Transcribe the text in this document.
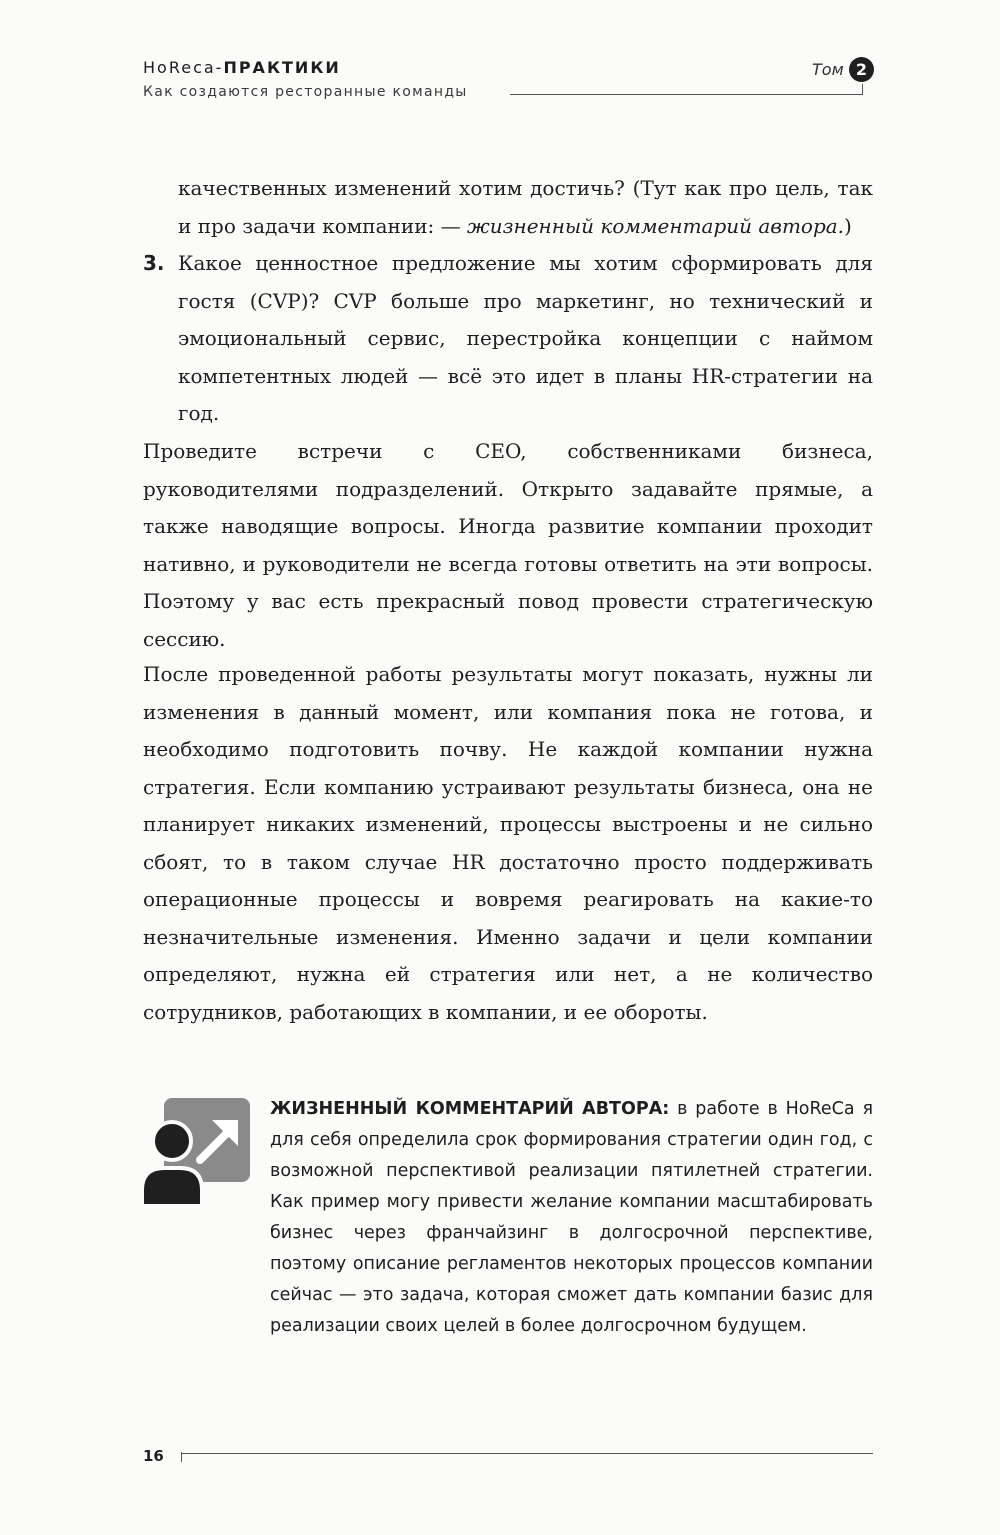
HoReca-ПРАКТИКИ
Как создаются ресторанные команды
Том 2
качественных изменений хотим достичь? (Тут как про цель, так и про задачи компании: — жизненный комментарий автора.)
3. Какое ценностное предложение мы хотим сформировать для гостя (CVP)? CVP больше про маркетинг, но технический и эмоциональный сервис, перестройка концепции с наймом компетентных людей — всё это идет в планы HR-стратегии на год.
Проведите встречи с CEO, собственниками бизнеса, руководителями подразделений. Открыто задавайте прямые, а также наводящие вопросы. Иногда развитие компании проходит нативно, и руководители не всегда готовы ответить на эти вопросы. Поэтому у вас есть прекрасный повод провести стратегическую сессию.
После проведенной работы результаты могут показать, нужны ли изменения в данный момент, или компания пока не готова, и необходимо подготовить почву. Не каждой компании нужна стратегия. Если компанию устраивают результаты бизнеса, она не планирует никаких изменений, процессы выстроены и не сильно сбоят, то в таком случае HR достаточно просто поддерживать операционные процессы и вовремя реагировать на какие-то незначительные изменения. Именно задачи и цели компании определяют, нужна ей стратегия или нет, а не количество сотрудников, работающих в компании, и ее обороты.
ЖИЗНЕННЫЙ КОММЕНТАРИЙ АВТОРА: в работе в HoReCa я для себя определила срок формирования стратегии один год, с возможной перспективой реализации пятилетней стратегии. Как пример могу привести желание компании масштабировать бизнес через франчайзинг в долгосрочной перспективе, поэтому описание регламентов некоторых процессов компании сейчас — это задача, которая сможет дать компании базис для реализации своих целей в более долгосрочном будущем.
16
